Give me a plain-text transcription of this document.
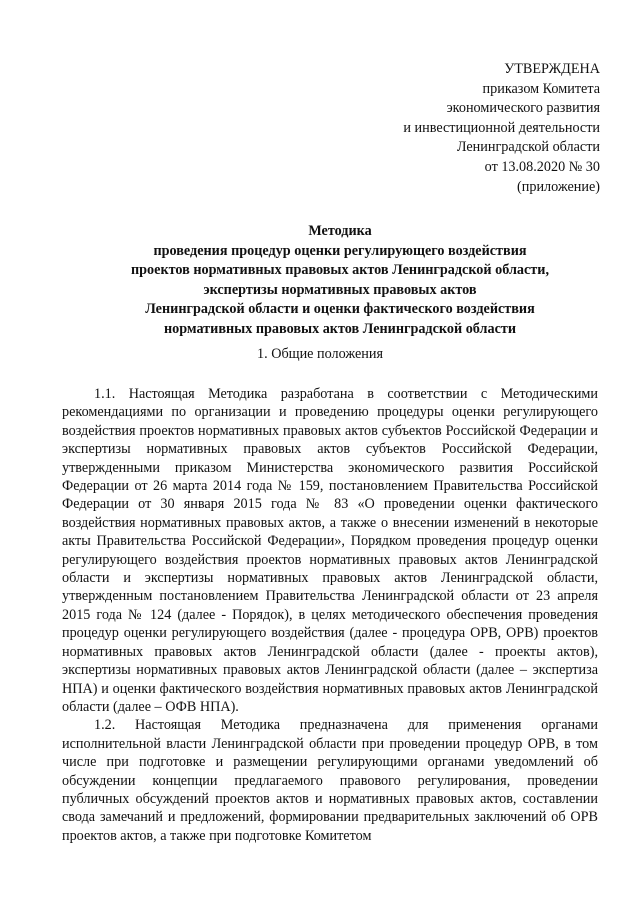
УТВЕРЖДЕНА
приказом Комитета
экономического развития
и инвестиционной деятельности
Ленинградской области
от 13.08.2020 № 30
(приложение)
Методика
проведения процедур оценки регулирующего воздействия
проектов нормативных правовых актов Ленинградской области,
экспертизы нормативных правовых актов
Ленинградской области и оценки фактического воздействия
нормативных правовых актов Ленинградской области
1. Общие положения

1.1. Настоящая Методика разработана в соответствии с Методическими рекомендациями по организации и проведению процедуры оценки регулирующего воздействия проектов нормативных правовых актов субъектов Российской Федерации и экспертизы нормативных правовых актов субъектов Российской Федерации, утвержденными приказом Министерства экономического развития Российской Федерации от 26 марта 2014 года № 159, постановлением Правительства Российской Федерации от 30 января 2015 года № 83 «О проведении оценки фактического воздействия нормативных правовых актов, а также о внесении изменений в некоторые акты Правительства Российской Федерации», Порядком проведения процедур оценки регулирующего воздействия проектов нормативных правовых актов Ленинградской области и экспертизы нормативных правовых актов Ленинградской области, утвержденным постановлением Правительства Ленинградской области от 23 апреля 2015 года № 124 (далее - Порядок), в целях методического обеспечения проведения процедур оценки регулирующего воздействия (далее - процедура ОРВ, ОРВ) проектов нормативных правовых актов Ленинградской области (далее - проекты актов), экспертизы нормативных правовых актов Ленинградской области (далее – экспертиза НПА) и оценки фактического воздействия нормативных правовых актов Ленинградской области (далее – ОФВ НПА).

1.2. Настоящая Методика предназначена для применения органами исполнительной власти Ленинградской области при проведении процедур ОРВ, в том числе при подготовке и размещении регулирующими органами уведомлений об обсуждении концепции предлагаемого правового регулирования, проведении публичных обсуждений проектов актов и нормативных правовых актов, составлении свода замечаний и предложений, формировании предварительных заключений об ОРВ проектов актов, а также при подготовке Комитетом
